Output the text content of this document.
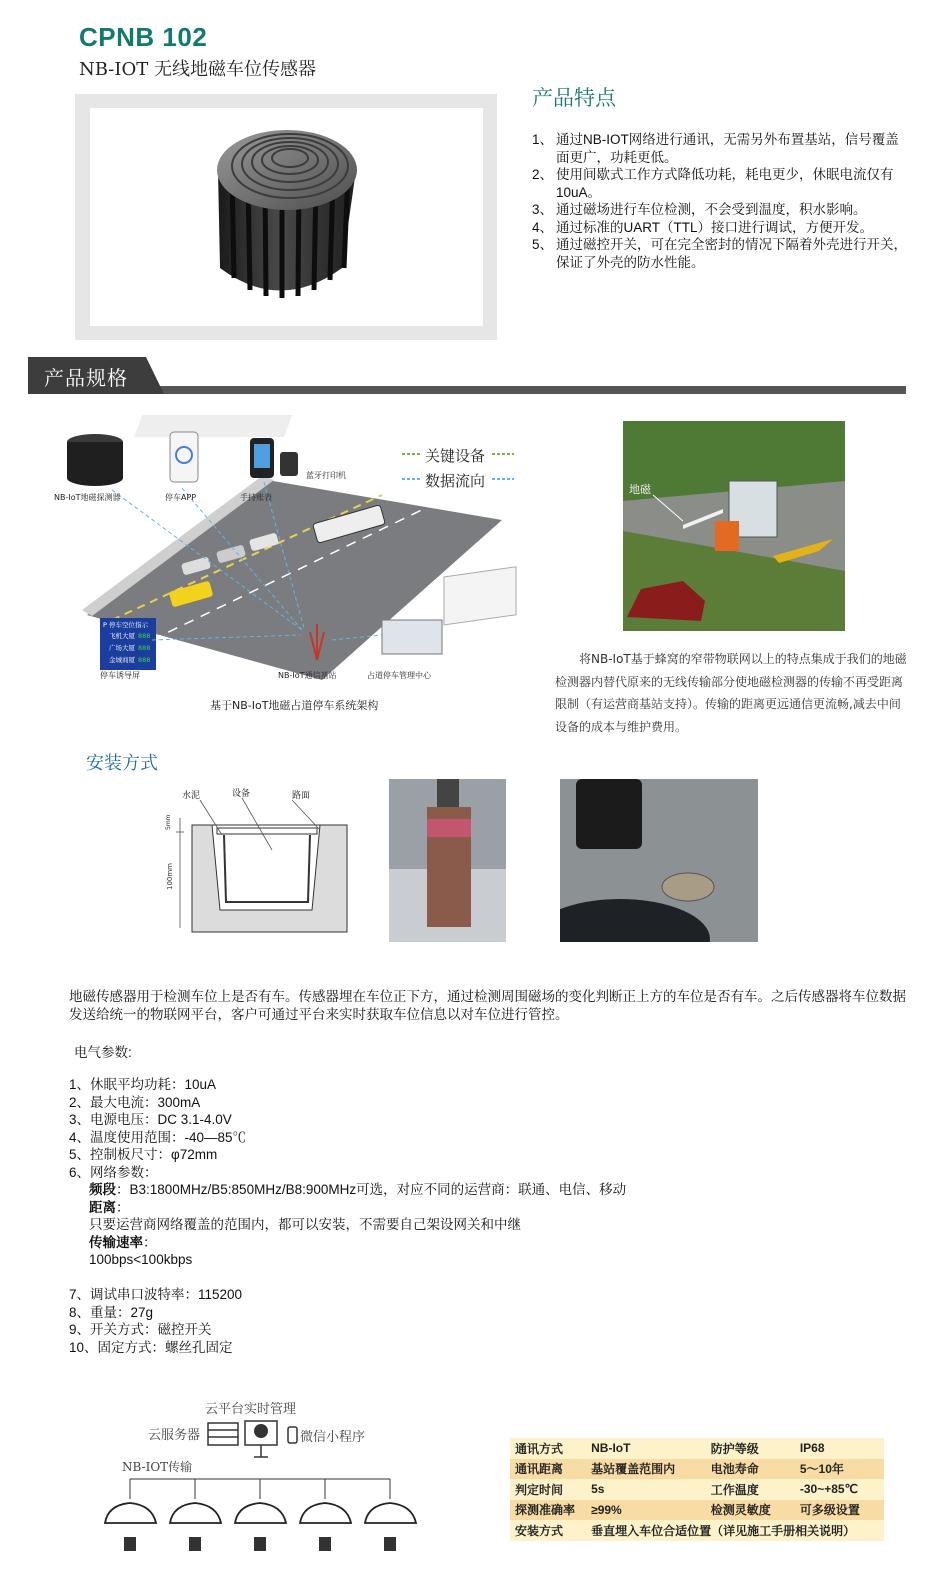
CPNB 102
NB-IOT 无线地磁车位传感器
产品特点
1、 通过NB-IOT网络进行通讯，无需另外布置基站，信号覆盖面更广，功耗更低。
2、 使用间歇式工作方式降低功耗，耗电更少，休眠电流仅有10uA。
3、 通过磁场进行车位检测，不会受到温度，积水影响。
4、 通过标准的UART（TTL）接口进行调试，方便开发。
5、 通过磁控开关，可在完全密封的情况下隔着外壳进行开关，保证了外壳的防水性能。
产品规格
NB-IoT地磁探测器	停车APP	手持账表
蓝牙打印机
停车诱导屏	NB-IoT通信基站	占道停车管理中心
P 停车空位指示
飞机大厦
广场大厦
金城商厦
888
888
888
基于NB-IoT地磁占道停车系统架构
关键设备
数据流向	地磁
将NB-IoT基于蜂窝的窄带物联网以上的特点集成于我们的地磁检测器内替代原来的无线传输部分使地磁检测器的传输不再受距离限制（有运营商基站支持）。传输的距离更远通信更流畅,减去中间设备的成本与维护费用。
安装方式
水泥	设备	路面
5mm
100mm
地磁传感器用于检测车位上是否有车。传感器埋在车位正下方，通过检测周围磁场的变化判断正上方的车位是否有车。之后传感器将车位数据发送给统一的物联网平台，客户可通过平台来实时获取车位信息以对车位进行管控。
电气参数:
1、休眠平均功耗：10uA
2、最大电流：300mA
3、电源电压：DC 3.1-4.0V
4、温度使用范围：-40—85℃
5、控制板尺寸：φ72mm
6、网络参数：
频段：B3:1800MHz/B5:850MHz/B8:900MHz可选，对应不同的运营商：联通、电信、移动
距离：
只要运营商网络覆盖的范围内，都可以安装，不需要自己架设网关和中继
传输速率：
100bps<100kbps
7、调试串口波特率：115200
8、重量：27g
9、开关方式：磁控开关
10、固定方式：螺丝孔固定
云平台实时管理
云服务器	微信小程序
NB-IOT传输
通讯方式	NB-IoT	防护等级	IP68
通讯距离	基站覆盖范围内	电池寿命	5～10年
判定时间	5s	工作温度	-30~+85℃
探测准确率	≥99%	检测灵敏度	可多级设置
安装方式	垂直埋入车位合适位置（详见施工手册相关说明）		
